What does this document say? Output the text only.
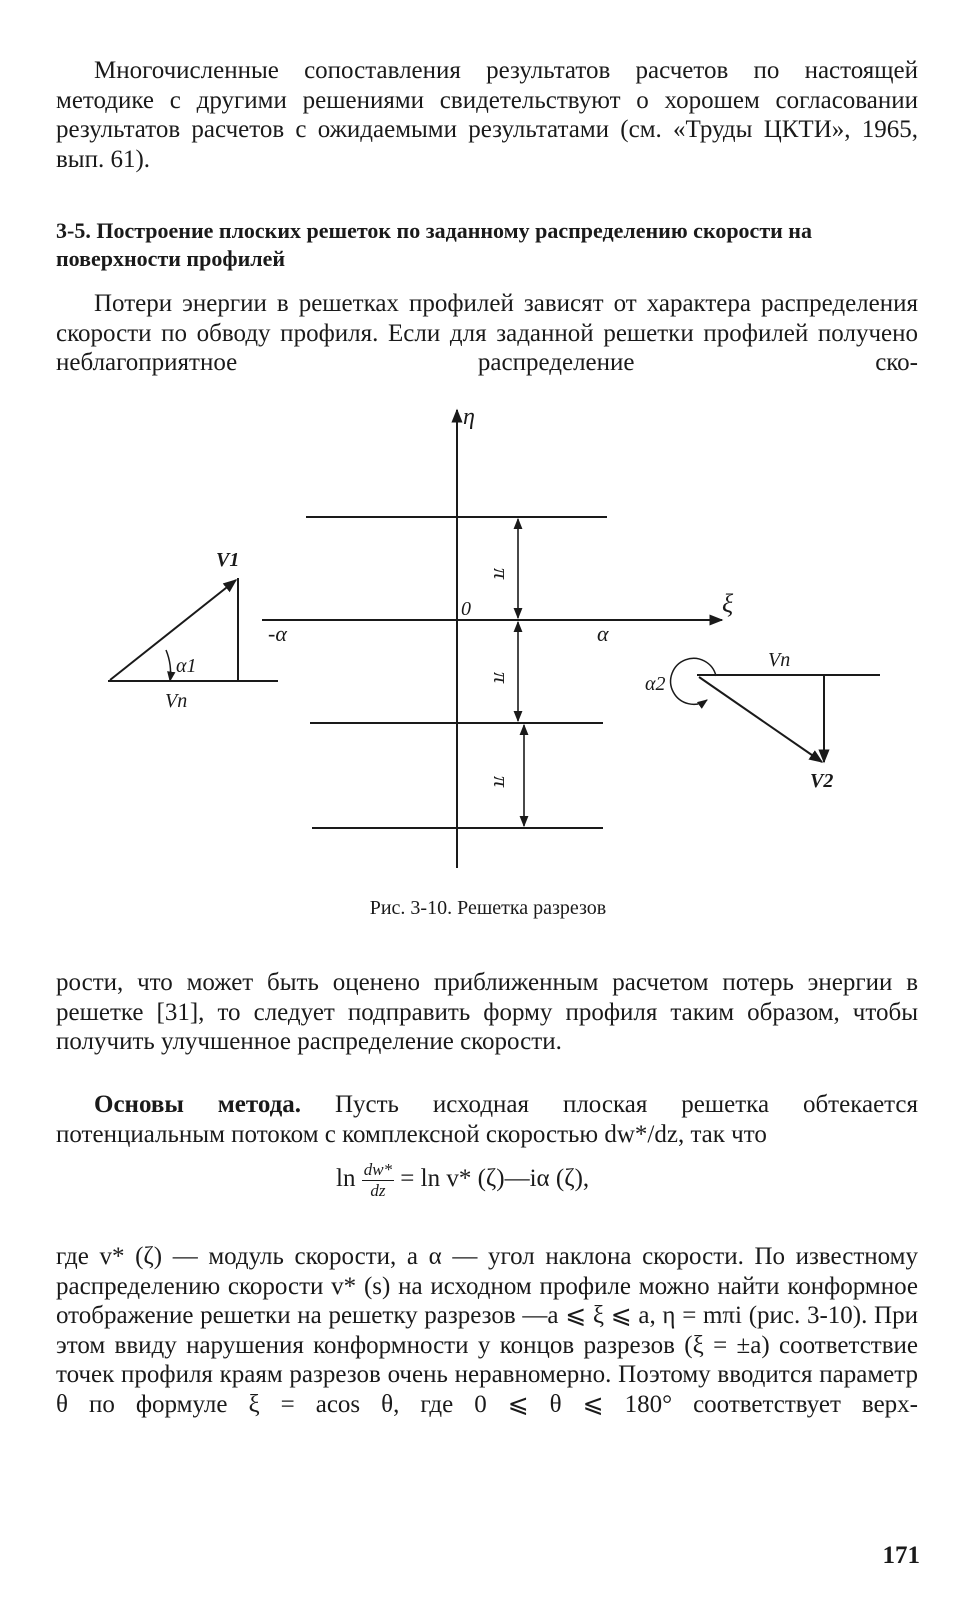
Многочисленные сопоставления результатов расчетов по настоящей методике с другими решениями свидетельствуют о хорошем согласовании результатов расчетов с ожидаемыми результатами (см. «Труды ЦКТИ», 1965, вып. 61).

3-5. Построение плоских решеток по заданному распределению скорости на поверхности профилей

Потери энергии в решетках профилей зависят от характера распределения скорости по обводу профиля. Если для заданной решетки профилей получено неблагоприятное распределение ско-

η
ξ
0
-α	α
π
π
π
V1
α1
Vn
Vn
α2
V2
Рис. 3-10. Решетка разрезов

рости, что может быть оценено приближенным расчетом потерь энергии в решетке [31], то следует подправить форму профиля таким образом, чтобы получить улучшенное распределение скорости.

Основы метода. Пусть исходная плоская решетка обтекается потенциальным потоком с комплексной скоростью dw*/dz, так что

$\ln \frac{dw*}{dz} = \ln v*$ (ζ)—iα (ζ),

где v* (ζ) — модуль скорости, а α — угол наклона скорости. По известному распределению скорости v* (s) на исходном профиле можно найти конформное отображение решетки на решетку разрезов —a ⩽ ξ ⩽ a, η = mπi (рис. 3-10). При этом ввиду нарушения конформности у концов разрезов (ξ = ±a) соответствие точек профиля краям разрезов очень неравномерно. Поэтому вводится параметр θ по формуле ξ = acos θ, где 0 ⩽ θ ⩽ 180° соответствует верх-

171
